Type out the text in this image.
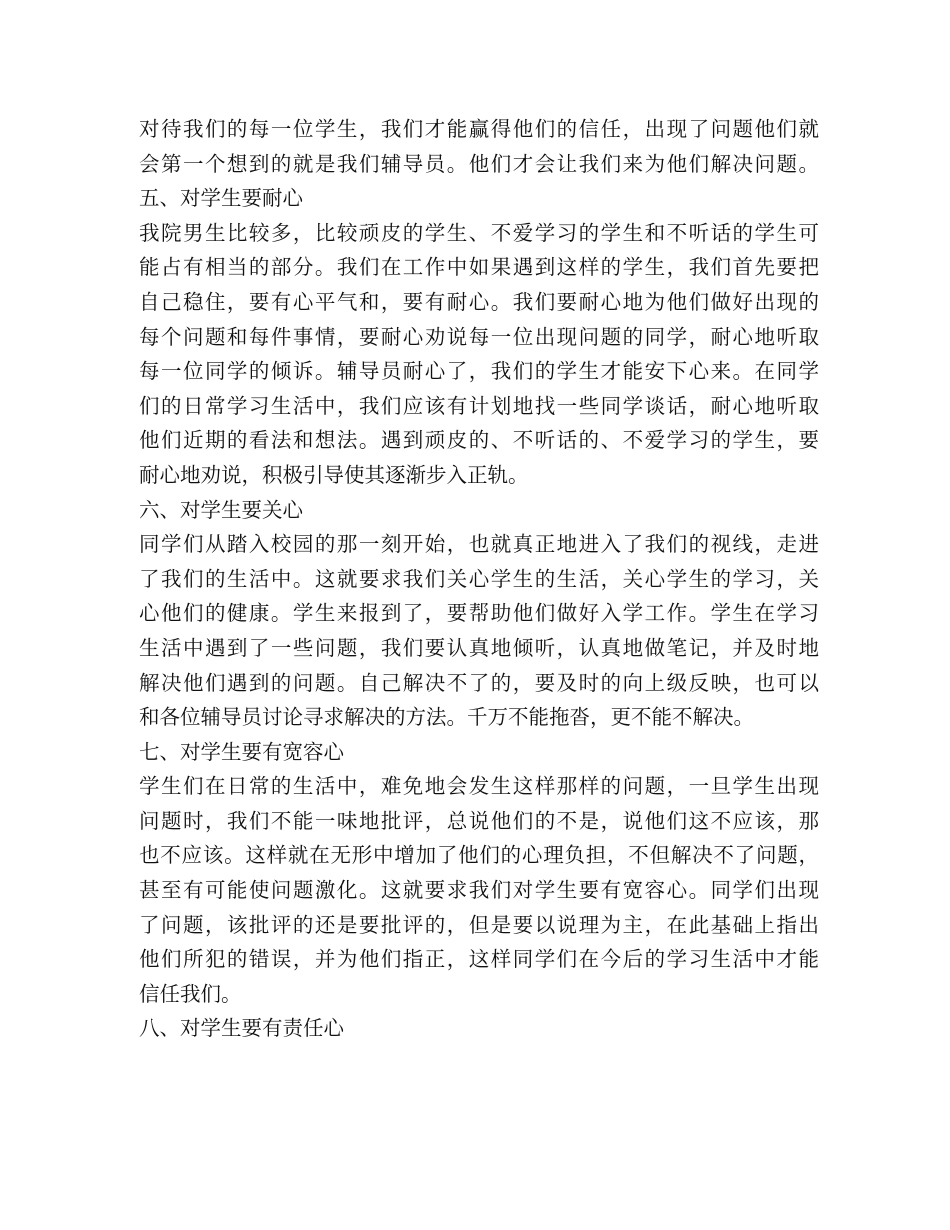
对待我们的每一位学生，我们才能赢得他们的信任，出现了问题他们就
会第一个想到的就是我们辅导员。他们才会让我们来为他们解决问题。
五、对学生要耐心
我院男生比较多，比较顽皮的学生、不爱学习的学生和不听话的学生可
能占有相当的部分。我们在工作中如果遇到这样的学生，我们首先要把
自己稳住，要有心平气和，要有耐心。我们要耐心地为他们做好出现的
每个问题和每件事情，要耐心劝说每一位出现问题的同学，耐心地听取
每一位同学的倾诉。辅导员耐心了，我们的学生才能安下心来。在同学
们的日常学习生活中，我们应该有计划地找一些同学谈话，耐心地听取
他们近期的看法和想法。遇到顽皮的、不听话的、不爱学习的学生，要
耐心地劝说，积极引导使其逐渐步入正轨。
六、对学生要关心
同学们从踏入校园的那一刻开始，也就真正地进入了我们的视线，走进
了我们的生活中。这就要求我们关心学生的生活，关心学生的学习，关
心他们的健康。学生来报到了，要帮助他们做好入学工作。学生在学习
生活中遇到了一些问题，我们要认真地倾听，认真地做笔记，并及时地
解决他们遇到的问题。自己解决不了的，要及时的向上级反映，也可以
和各位辅导员讨论寻求解决的方法。千万不能拖沓，更不能不解决。
七、对学生要有宽容心
学生们在日常的生活中，难免地会发生这样那样的问题，一旦学生出现
问题时，我们不能一味地批评，总说他们的不是，说他们这不应该，那
也不应该。这样就在无形中增加了他们的心理负担，不但解决不了问题，
甚至有可能使问题激化。这就要求我们对学生要有宽容心。同学们出现
了问题，该批评的还是要批评的，但是要以说理为主，在此基础上指出
他们所犯的错误，并为他们指正，这样同学们在今后的学习生活中才能
信任我们。
八、对学生要有责任心
